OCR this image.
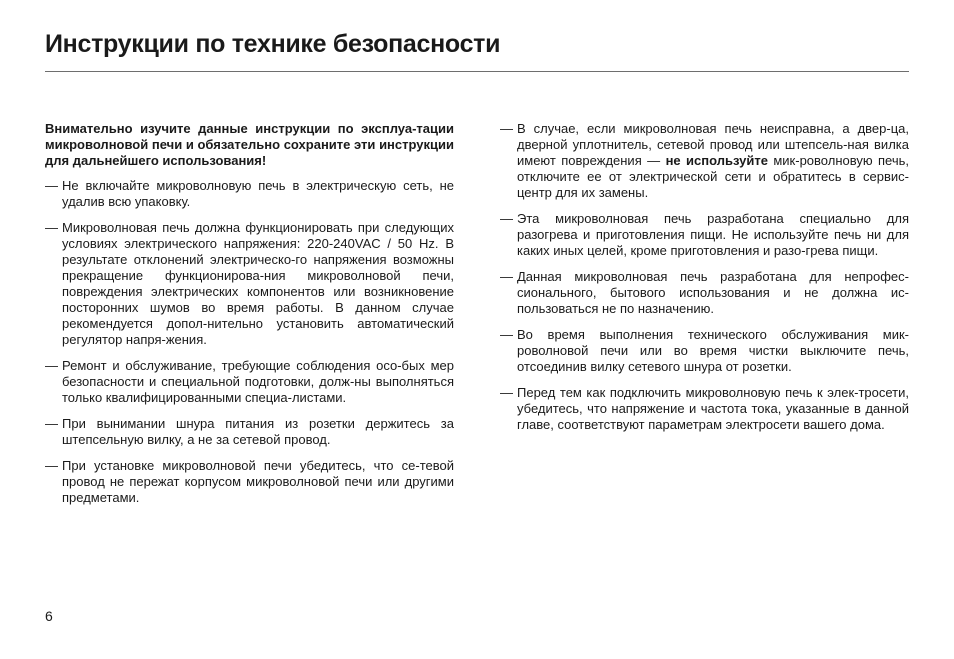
Инструкции по технике безопасности

Внимательно изучите данные инструкции по эксплуа-тации микроволновой печи и обязательно сохраните эти инструкции для дальнейшего использования!

— Не включайте микроволновую печь в электрическую сеть, не удалив всю упаковку.
— Микроволновая печь должна функционировать при следующих условиях электрического напряжения: 220-240VAC / 50 Hz. В результате отклонений электрическо-го напряжения возможны прекращение функционирова-ния микроволновой печи, повреждения электрических компонентов или возникновение посторонних шумов во время работы. В данном случае рекомендуется допол-нительно установить автоматический регулятор напря-жения.
— Ремонт и обслуживание, требующие соблюдения осо-бых мер безопасности и специальной подготовки, долж-ны выполняться только квалифицированными специа-листами.
— При вынимании шнура питания из розетки держитесь за штепсельную вилку, а не за сетевой провод.
— При установке микроволновой печи убедитесь, что се-тевой провод не пережат корпусом микроволновой печи или другими предметами.
— В случае, если микроволновая печь неисправна, а двер-ца, дверной уплотнитель, сетевой провод или штепсель-ная вилка имеют повреждения — не используйте мик-роволновую печь, отключите ее от электрической сети и обратитесь в сервис-центр для их замены.
— Эта микроволновая печь разработана специально для разогрева и приготовления пищи. Не используйте печь ни для каких иных целей, кроме приготовления и разо-грева пищи.
— Данная микроволновая печь разработана для непрофес-сионального, бытового использования и не должна ис-пользоваться не по назначению.
— Во время выполнения технического обслуживания мик-роволновой печи или во время чистки выключите печь, отсоединив вилку сетевого шнура от розетки.
— Перед тем как подключить микроволновую печь к элек-тросети, убедитесь, что напряжение и частота тока, указанные в данной главе, соответствуют параметрам электросети вашего дома.
6
